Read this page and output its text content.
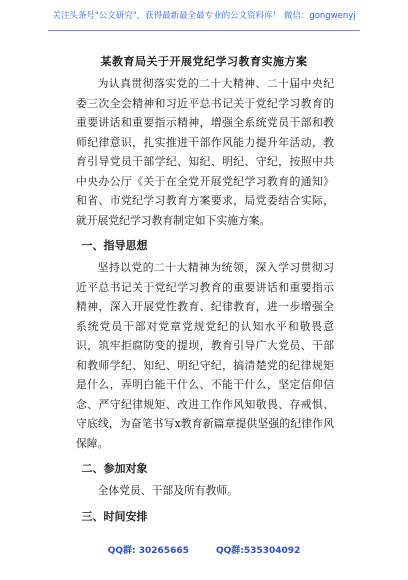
关注头条号"公文研究"，获得最新最全最专业的公文资料库！ 微信：gongwenyj
某教育局关于开展党纪学习教育实施方案

为认真贯彻落实党的二十大精神、二十届中央纪委三次全会精神和习近平总书记关于党纪学习教育的重要讲话和重要指示精神，增强全系统党员干部和教师纪律意识，扎实推进干部作风能力提升年活动，教育引导党员干部学纪、知纪、明纪、守纪，按照中共中央办公厅《关于在全党开展党纪学习教育的通知》和省、市党纪学习教育方案要求，局党委结合实际，就开展党纪学习教育制定如下实施方案。

一、指导思想

坚持以党的二十大精神为统领，深入学习贯彻习近平总书记关于党纪学习教育的重要讲话和重要指示精神，深入开展党性教育、纪律教育，进一步增强全系统党员干部对党章党规党纪的认知水平和敬畏意识，筑牢拒腐防变的提坝，教育引导广大党员、干部和教师学纪、知纪、明纪守纪，搞清楚党的纪律规矩是什么，弄明白能干什么、不能干什么，坚定信仰信念、严守纪律规矩、改进工作作风知敬畏、存戒惧、守底线，为奋笔书写x教育新篇章提供坚强的纪律作风保障。

二、参加对象

全体党员、干部及所有教师。

三、时间安排
QQ群: 30265665	QQ群:535304092
